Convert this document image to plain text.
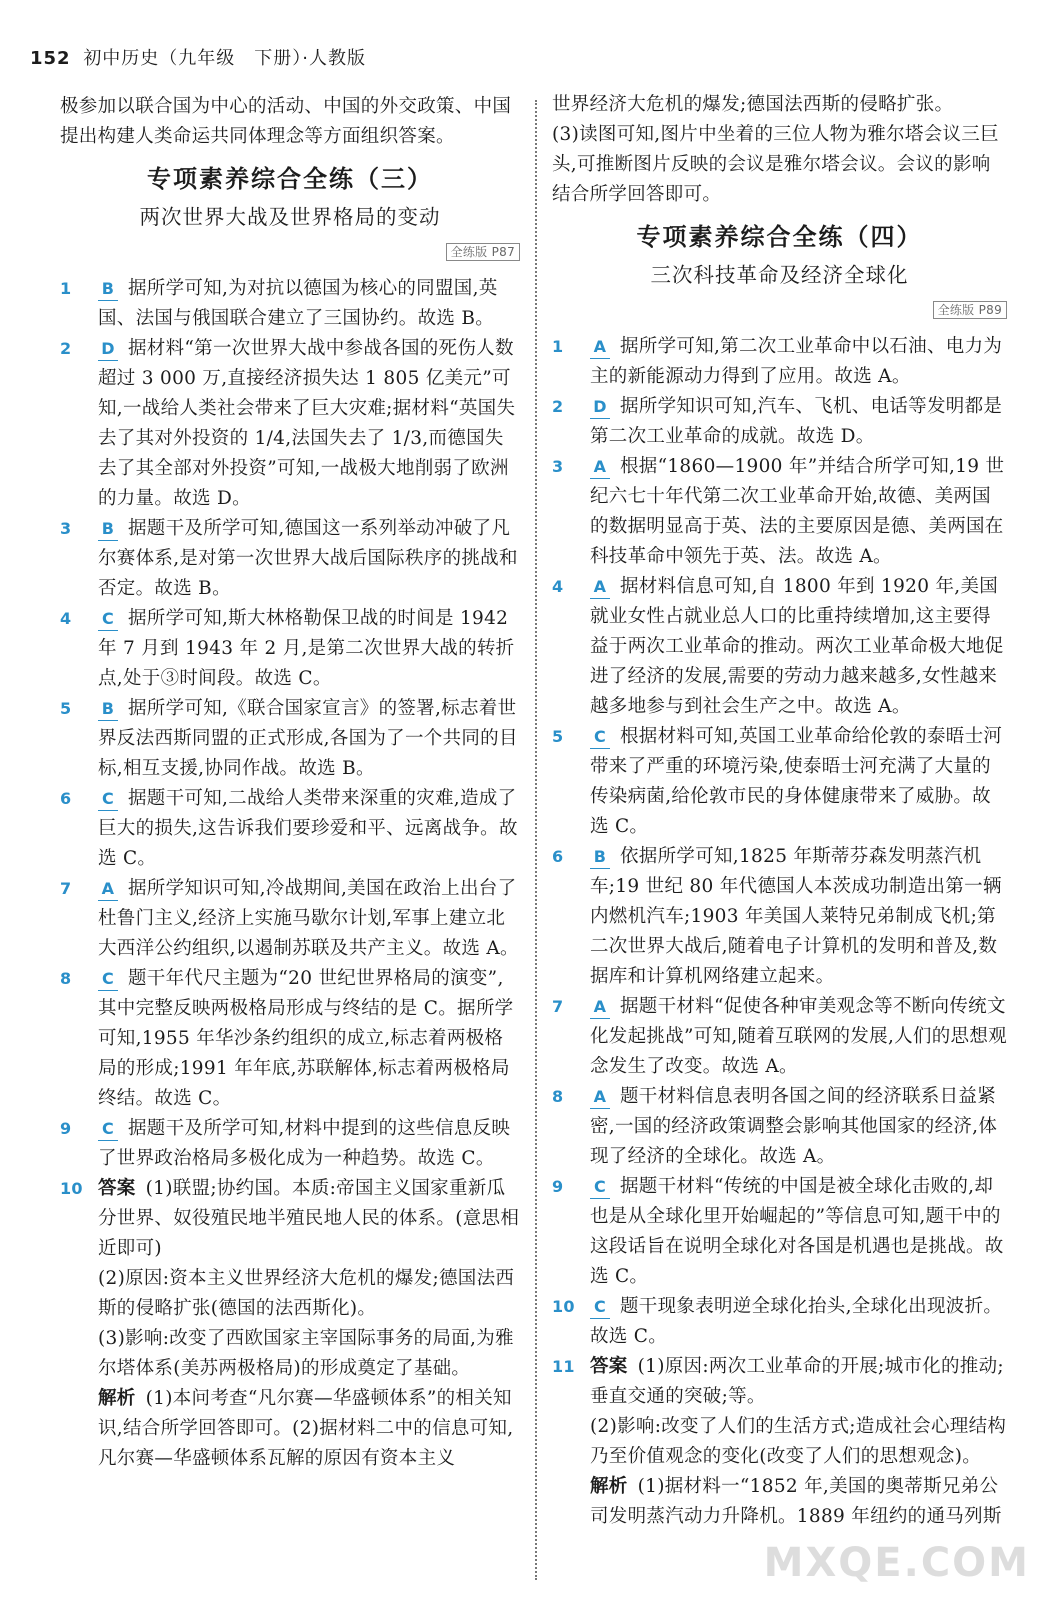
152 初中历史（九年级　下册）·人教版
极参加以联合国为中心的活动、中国的外交政策、中国提出构建人类命运共同体理念等方面组织答案。
专项素养综合全练（三）
两次世界大战及世界格局的变动
全练版 P87
1 B 据所学可知,为对抗以德国为核心的同盟国,英国、法国与俄国联合建立了三国协约。故选 B。
2 D 据材料“第一次世界大战中参战各国的死伤人数超过 3 000 万,直接经济损失达 1 805 亿美元”可知,一战给人类社会带来了巨大灾难;据材料“英国失去了其对外投资的 1/4,法国失去了 1/3,而德国失去了其全部对外投资”可知,一战极大地削弱了欧洲的力量。故选 D。
3 B 据题干及所学可知,德国这一系列举动冲破了凡尔赛体系,是对第一次世界大战后国际秩序的挑战和否定。故选 B。
4 C 据所学可知,斯大林格勒保卫战的时间是 1942 年 7 月到 1943 年 2 月,是第二次世界大战的转折点,处于③时间段。故选 C。
5 B 据所学可知,《联合国家宣言》的签署,标志着世界反法西斯同盟的正式形成,各国为了一个共同的目标,相互支援,协同作战。故选 B。
6 C 据题干可知,二战给人类带来深重的灾难,造成了巨大的损失,这告诉我们要珍爱和平、远离战争。故选 C。
7 A 据所学知识可知,冷战期间,美国在政治上出台了杜鲁门主义,经济上实施马歇尔计划,军事上建立北大西洋公约组织,以遏制苏联及共产主义。故选 A。
8 C 题干年代尺主题为“20 世纪世界格局的演变”,其中完整反映两极格局形成与终结的是 C。据所学可知,1955 年华沙条约组织的成立,标志着两极格局的形成;1991 年年底,苏联解体,标志着两极格局终结。故选 C。
9 C 据题干及所学可知,材料中提到的这些信息反映了世界政治格局多极化成为一种趋势。故选 C。
10 答案 (1)联盟;协约国。本质:帝国主义国家重新瓜分世界、奴役殖民地半殖民地人民的体系。(意思相近即可)
(2)原因:资本主义世界经济大危机的爆发;德国法西斯的侵略扩张(德国的法西斯化)。
(3)影响:改变了西欧国家主宰国际事务的局面,为雅尔塔体系(美苏两极格局)的形成奠定了基础。
解析 (1)本问考查“凡尔赛—华盛顿体系”的相关知识,结合所学回答即可。(2)据材料二中的信息可知,凡尔赛—华盛顿体系瓦解的原因有资本主义
世界经济大危机的爆发;德国法西斯的侵略扩张。
(3)读图可知,图片中坐着的三位人物为雅尔塔会议三巨头,可推断图片反映的会议是雅尔塔会议。会议的影响结合所学回答即可。
专项素养综合全练（四）
三次科技革命及经济全球化
全练版 P89
1 A 据所学可知,第二次工业革命中以石油、电力为主的新能源动力得到了应用。故选 A。
2 D 据所学知识可知,汽车、飞机、电话等发明都是第二次工业革命的成就。故选 D。
3 A 根据“1860—1900 年”并结合所学可知,19 世纪六七十年代第二次工业革命开始,故德、美两国的数据明显高于英、法的主要原因是德、美两国在科技革命中领先于英、法。故选 A。
4 A 据材料信息可知,自 1800 年到 1920 年,美国就业女性占就业总人口的比重持续增加,这主要得益于两次工业革命的推动。两次工业革命极大地促进了经济的发展,需要的劳动力越来越多,女性越来越多地参与到社会生产之中。故选 A。
5 C 根据材料可知,英国工业革命给伦敦的泰晤士河带来了严重的环境污染,使泰晤士河充满了大量的传染病菌,给伦敦市民的身体健康带来了威胁。故选 C。
6 B 依据所学可知,1825 年斯蒂芬森发明蒸汽机车;19 世纪 80 年代德国人本茨成功制造出第一辆内燃机汽车;1903 年美国人莱特兄弟制成飞机;第二次世界大战后,随着电子计算机的发明和普及,数据库和计算机网络建立起来。
7 A 据题干材料“促使各种审美观念等不断向传统文化发起挑战”可知,随着互联网的发展,人们的思想观念发生了改变。故选 A。
8 A 题干材料信息表明各国之间的经济联系日益紧密,一国的经济政策调整会影响其他国家的经济,体现了经济的全球化。故选 A。
9 C 据题干材料“传统的中国是被全球化击败的,却也是从全球化里开始崛起的”等信息可知,题干中的这段话旨在说明全球化对各国是机遇也是挑战。故选 C。
10 C 题干现象表明逆全球化抬头,全球化出现波折。故选 C。
11 答案 (1)原因:两次工业革命的开展;城市化的推动;垂直交通的突破;等。
(2)影响:改变了人们的生活方式;造成社会心理结构乃至价值观念的变化(改变了人们的思想观念)。
解析 (1)据材料一“1852 年,美国的奥蒂斯兄弟公司发明蒸汽动力升降机。1889 年纽约的通马列斯
MXQE.COM
